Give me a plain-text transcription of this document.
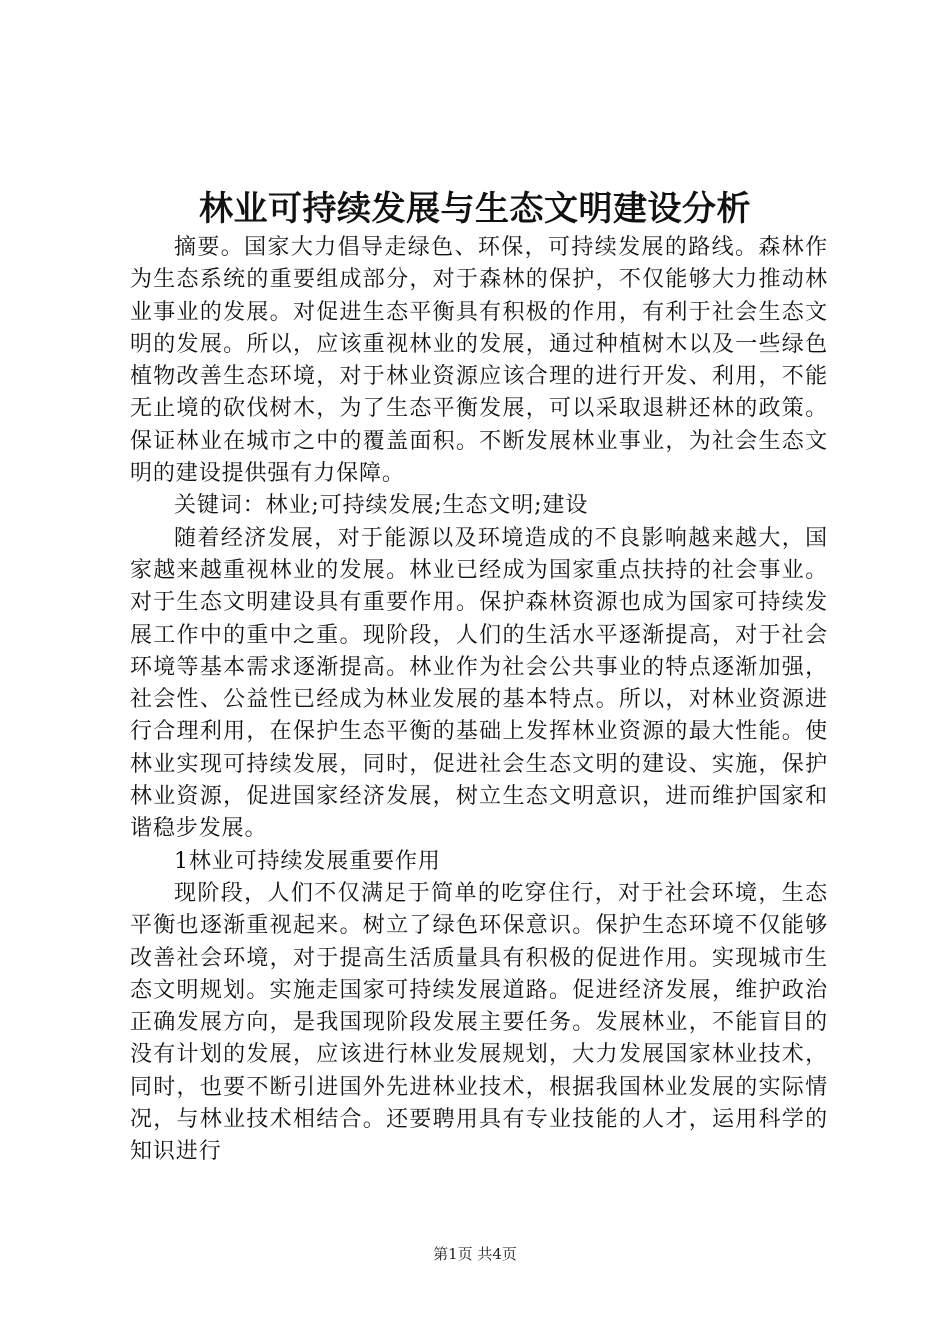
林业可持续发展与生态文明建设分析

摘要。国家大力倡导走绿色、环保，可持续发展的路线。森林作为生态系统的重要组成部分，对于森林的保护，不仅能够大力推动林业事业的发展。对促进生态平衡具有积极的作用，有利于社会生态文明的发展。所以，应该重视林业的发展，通过种植树木以及一些绿色植物改善生态环境，对于林业资源应该合理的进行开发、利用，不能无止境的砍伐树木，为了生态平衡发展，可以采取退耕还林的政策。保证林业在城市之中的覆盖面积。不断发展林业事业，为社会生态文明的建设提供强有力保障。

关键词：林业;可持续发展;生态文明;建设

随着经济发展，对于能源以及环境造成的不良影响越来越大，国家越来越重视林业的发展。林业已经成为国家重点扶持的社会事业。对于生态文明建设具有重要作用。保护森林资源也成为国家可持续发展工作中的重中之重。现阶段，人们的生活水平逐渐提高，对于社会环境等基本需求逐渐提高。林业作为社会公共事业的特点逐渐加强，社会性、公益性已经成为林业发展的基本特点。所以，对林业资源进行合理利用，在保护生态平衡的基础上发挥林业资源的最大性能。使林业实现可持续发展，同时，促进社会生态文明的建设、实施，保护林业资源，促进国家经济发展，树立生态文明意识，进而维护国家和谐稳步发展。

1林业可持续发展重要作用

现阶段，人们不仅满足于简单的吃穿住行，对于社会环境，生态平衡也逐渐重视起来。树立了绿色环保意识。保护生态环境不仅能够改善社会环境，对于提高生活质量具有积极的促进作用。实现城市生态文明规划。实施走国家可持续发展道路。促进经济发展，维护政治正确发展方向，是我国现阶段发展主要任务。发展林业，不能盲目的没有计划的发展，应该进行林业发展规划，大力发展国家林业技术，同时，也要不断引进国外先进林业技术，根据我国林业发展的实际情况，与林业技术相结合。还要聘用具有专业技能的人才，运用科学的知识进行

第1页 共4页
